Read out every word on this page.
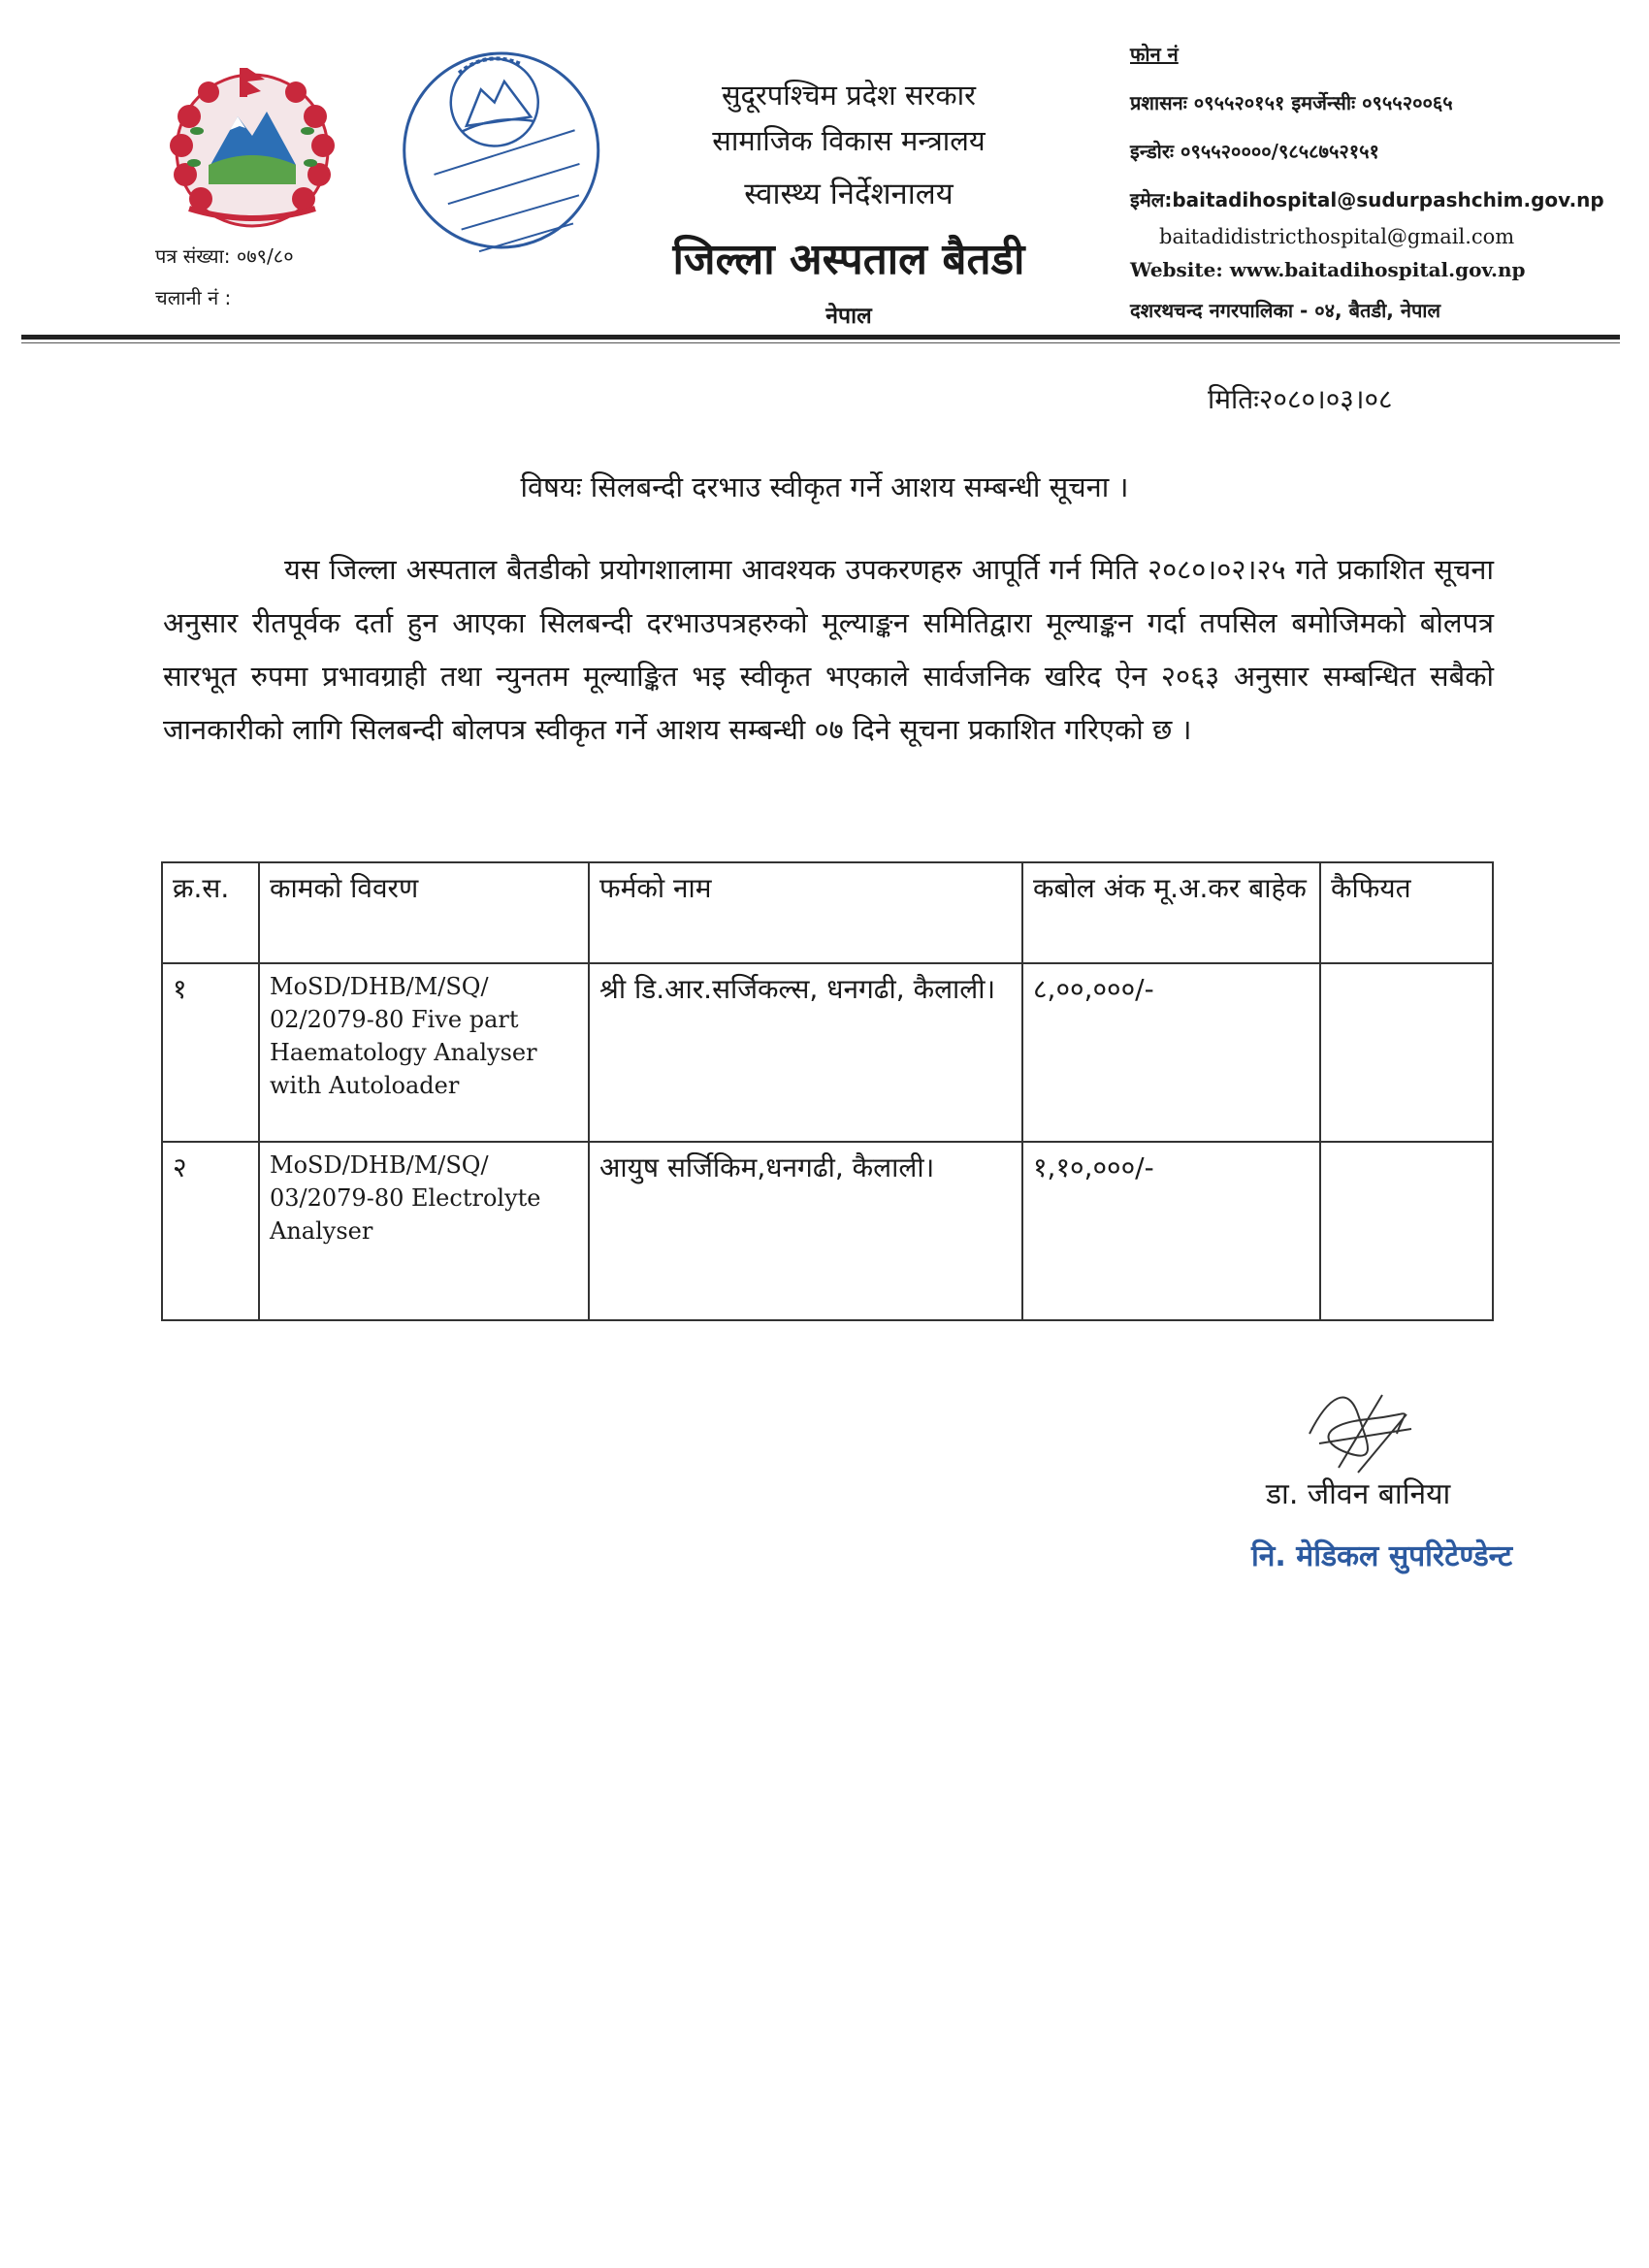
पत्र संख्या: ०७९/८०
चलानी नं :
सुदूरपश्चिम प्रदेश सरकार
सामाजिक विकास मन्त्रालय
स्वास्थ्य निर्देशनालय
जिल्ला अस्पताल बैतडी
नेपाल
फोन नं
प्रशासनः ०९५५२०१५१ इमर्जेन्सीः ०९५५२००६५
इन्डोरः ०९५५२००००/९८५८७५२१५१
इमेल:baitadihospital@sudurpashchim.gov.np
baitadidistricthospital@gmail.com
Website: www.baitadihospital.gov.np
दशरथचन्द नगरपालिका - ०४, बैतडी, नेपाल
मितिः२०८०।०३।०८
विषयः सिलबन्दी दरभाउ स्वीकृत गर्ने आशय सम्बन्धी सूचना ।
यस जिल्ला अस्पताल बैतडीको प्रयोगशालामा आवश्यक उपकरणहरु आपूर्ति गर्न मिति २०८०।०२।२५ गते प्रकाशित सूचना अनुसार रीतपूर्वक दर्ता हुन आएका सिलबन्दी दरभाउपत्रहरुको मूल्याङ्कन समितिद्वारा मूल्याङ्कन गर्दा तपसिल बमोजिमको बोलपत्र सारभूत रुपमा प्रभावग्राही तथा न्युनतम मूल्याङ्कित भइ स्वीकृत भएकाले सार्वजनिक खरिद ऐन २०६३ अनुसार सम्बन्धित सबैको जानकारीको लागि सिलबन्दी बोलपत्र स्वीकृत गर्ने आशय सम्बन्धी ०७ दिने सूचना प्रकाशित गरिएको छ ।
क्र.स.	कामको विवरण	फर्मको नाम	कबोल अंक मू.अ.कर बाहेक	कैफियत
१	MoSD/DHB/M/SQ/ 02/2079-80 Five part Haematology Analyser with Autoloader	श्री डि.आर.सर्जिकल्स, धनगढी, कैलाली।	८,००,०००/-	
२	MoSD/DHB/M/SQ/ 03/2079-80 Electrolyte Analyser	आयुष सर्जिकिम,धनगढी, कैलाली।	१,१०,०००/-	
डा. जीवन बानिया
नि. मेडिकल सुपरिटेण्डेन्ट
